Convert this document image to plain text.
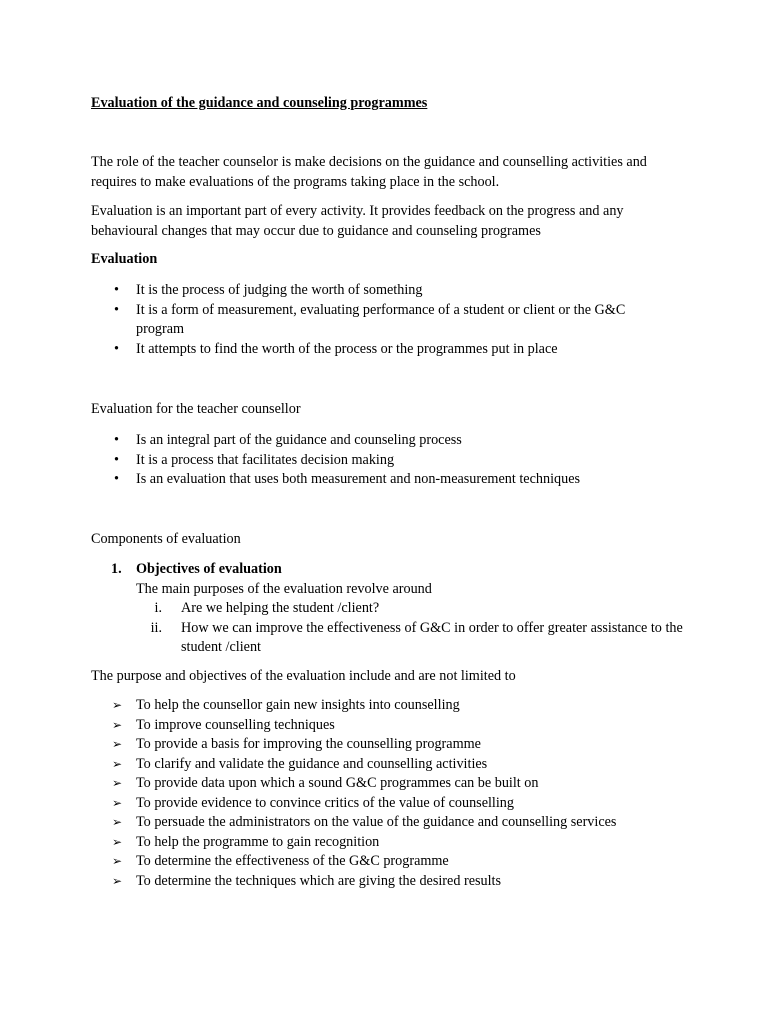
Evaluation of the guidance and counseling programmes

The role of the teacher counselor is make decisions on the guidance and counselling activities and requires to make evaluations of the programs taking place in the school.

Evaluation is an important part of every activity. It provides feedback on the progress and any behavioural changes that may occur due to guidance and counseling programes

Evaluation

• It is the process of judging the worth of something
• It is a form of measurement, evaluating performance of a student or client or the G&C program
• It attempts to find the worth of the process or the programmes put in place

Evaluation for the teacher counsellor

• Is an integral part of the guidance and counseling process
• It is a process that facilitates decision making
• Is an evaluation that uses both measurement and non-measurement techniques

Components of evaluation

1. Objectives of evaluation
The main purposes of the evaluation revolve around
i. Are we helping the student /client?
ii. How we can improve the effectiveness of G&C in order to offer greater assistance to the student /client

The purpose and objectives of the evaluation include and are not limited to

➢ To help the counsellor gain new insights into counselling
➢ To improve counselling techniques
➢ To provide a basis for improving the counselling programme
➢ To clarify and validate the guidance and counselling activities
➢ To provide data upon which a sound G&C programmes can be built on
➢ To provide evidence to convince critics of the value of counselling
➢ To persuade the administrators on the value of the guidance and counselling services
➢ To help the programme to gain recognition
➢ To determine the effectiveness of the G&C programme
➢ To determine the techniques which are giving the desired results
